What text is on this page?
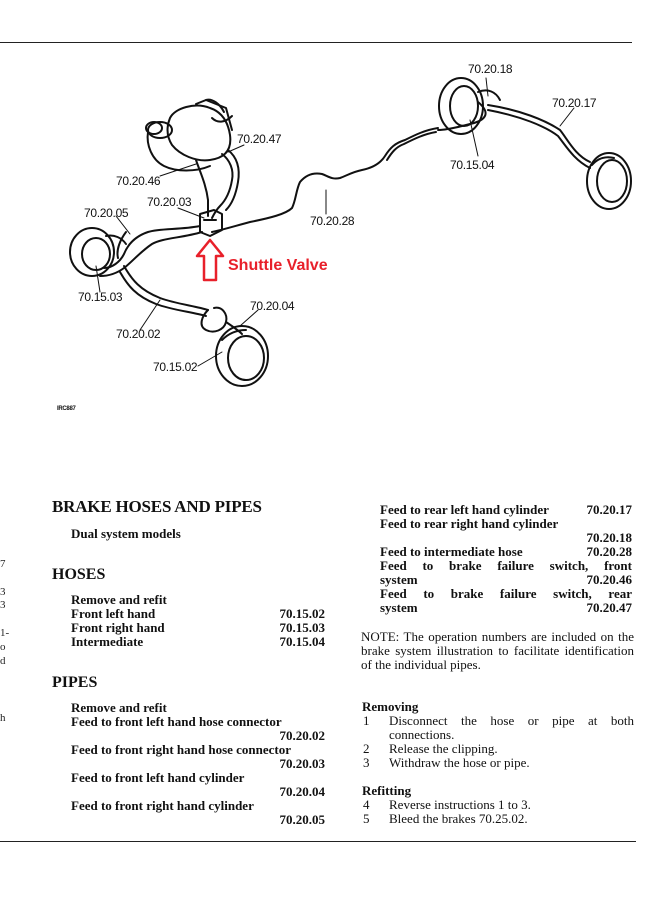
70.20.18
70.20.17
70.15.04
70.20.47
70.20.46
70.20.03
70.20.05
70.20.28
70.15.03
70.20.04
70.20.02
70.15.02
Shuttle Valve
IRC887
7
3
3
1-
o
d
h
BRAKE HOSES AND PIPES
Dual system models
HOSES
Remove and refit
Front left hand	70.15.02
Front right hand	70.15.03
Intermediate	70.15.04
PIPES
Remove and refit
Feed to front left hand hose connector
70.20.02
Feed to front right hand hose connector
70.20.03
Feed to front left hand cylinder
70.20.04
Feed to front right hand cylinder
70.20.05
Feed to rear left hand cylinder	70.20.17
Feed to rear right hand cylinder
70.20.18
Feed to intermediate hose	70.20.28
Feed to brake failure switch, front
system	70.20.46
Feed to brake failure switch, rear
system	70.20.47
NOTE: The operation numbers are included on the brake system illustration to facilitate identification of the individual pipes.
Removing
1 Disconnect the hose or pipe at both
connections.
2 Release the clipping.
3 Withdraw the hose or pipe.
Refitting
4 Reverse instructions 1 to 3.
5 Bleed the brakes 70.25.02.
